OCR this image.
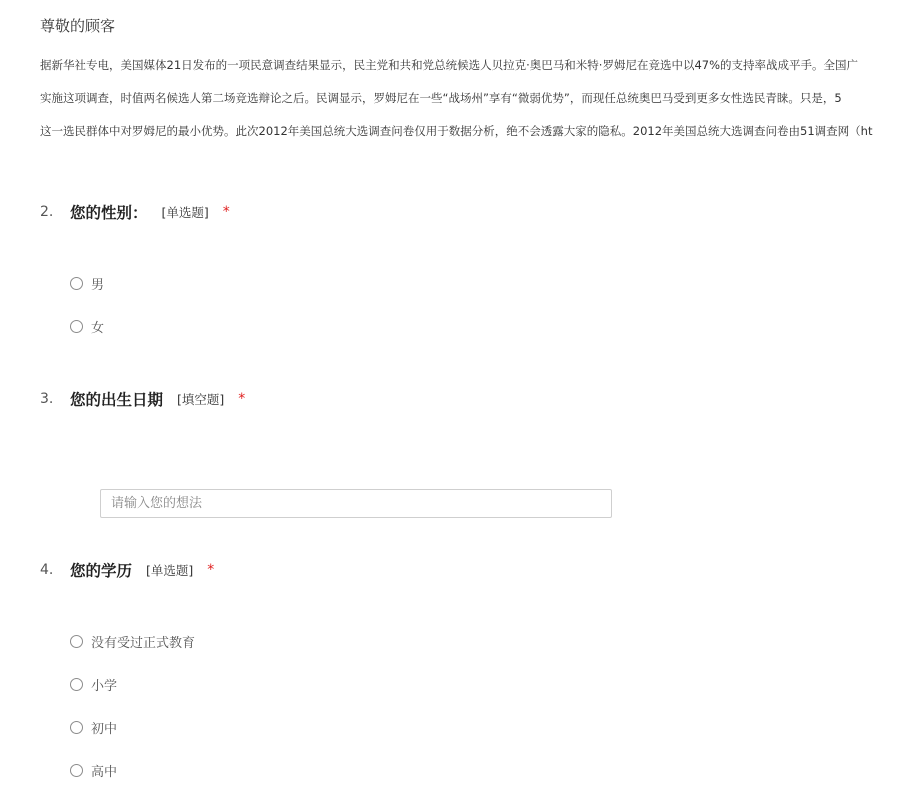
尊敬的顾客
据新华社专电，美国媒体21日发布的一项民意调查结果显示，民主党和共和党总统候选人贝拉克·奥巴马和米特·罗姆尼在竞选中以47%的支持率战成平手。全国广
实施这项调查，时值两名候选人第二场竞选辩论之后。民调显示，罗姆尼在一些“战场州”享有“微弱优势”，而现任总统奥巴马受到更多女性选民青睐。只是，5
这一选民群体中对罗姆尼的最小优势。此次2012年美国总统大选调查问卷仅用于数据分析，绝不会透露大家的隐私。2012年美国总统大选调查问卷由51调查网（ht
2.	您的性别： [单选题] *
男
女
3.	您的出生日期 [填空题] *
请输入您的想法
4.	您的学历 [单选题] *
没有受过正式教育
小学
初中
高中
